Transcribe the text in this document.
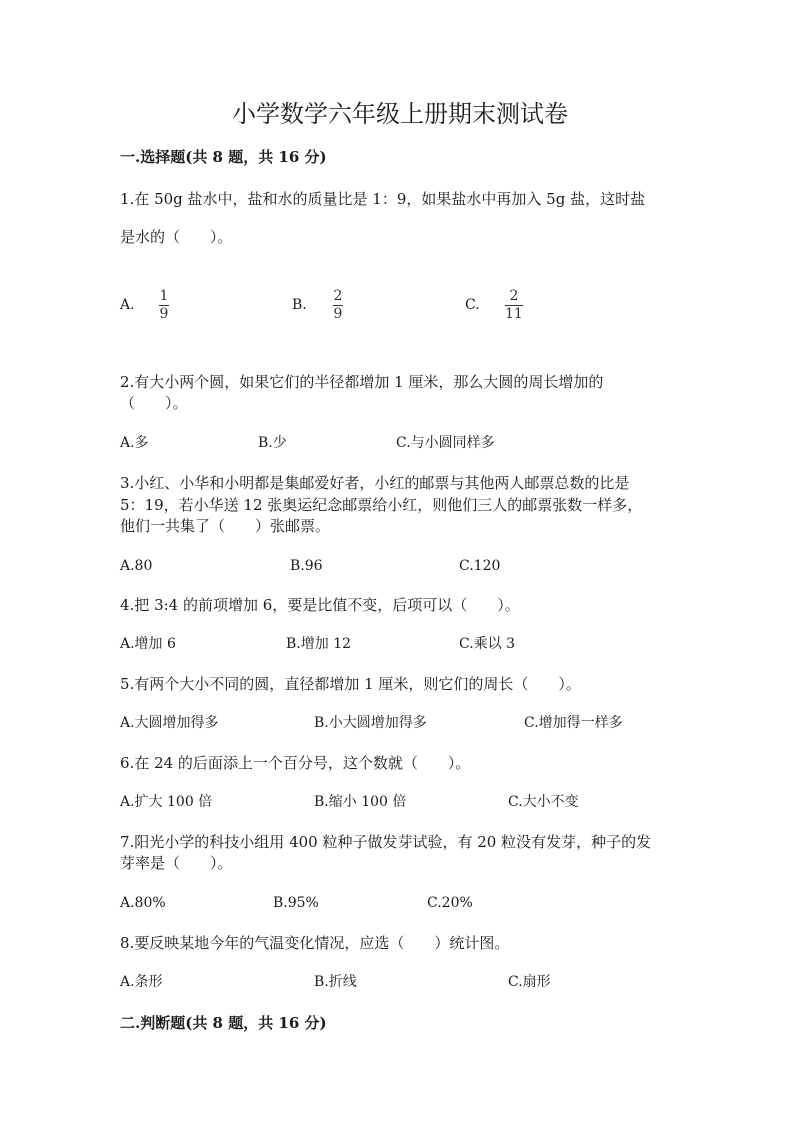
小学数学六年级上册期末测试卷
一.选择题(共 8 题，共 16 分)
1.在 50g 盐水中，盐和水的质量比是 1：9，如果盐水中再加入 5g 盐，这时盐
是水的（　　）。
A.
1
9
B.
2
9
C.
2
11
2.有大小两个圆，如果它们的半径都增加 1 厘米，那么大圆的周长增加的
（　　）。
A.多	B.少	C.与小圆同样多
3.小红、小华和小明都是集邮爱好者，小红的邮票与其他两人邮票总数的比是
5：19，若小华送 12 张奥运纪念邮票给小红，则他们三人的邮票张数一样多，
他们一共集了（　　）张邮票。
A.80	B.96	C.120
4.把 3:4 的前项增加 6，要是比值不变，后项可以（　　）。
A.增加 6	B.增加 12	C.乘以 3
5.有两个大小不同的圆，直径都增加 1 厘米，则它们的周长（　　）。
A.大圆增加得多	B.小大圆增加得多	C.增加得一样多
6.在 24 的后面添上一个百分号，这个数就（　　）。
A.扩大 100 倍	B.缩小 100 倍	C.大小不变
7.阳光小学的科技小组用 400 粒种子做发芽试验，有 20 粒没有发芽，种子的发
芽率是（　　）。
A.80%	B.95%	C.20%
8.要反映某地今年的气温变化情况，应选（　　）统计图。
A.条形	B.折线	C.扇形
二.判断题(共 8 题，共 16 分)
